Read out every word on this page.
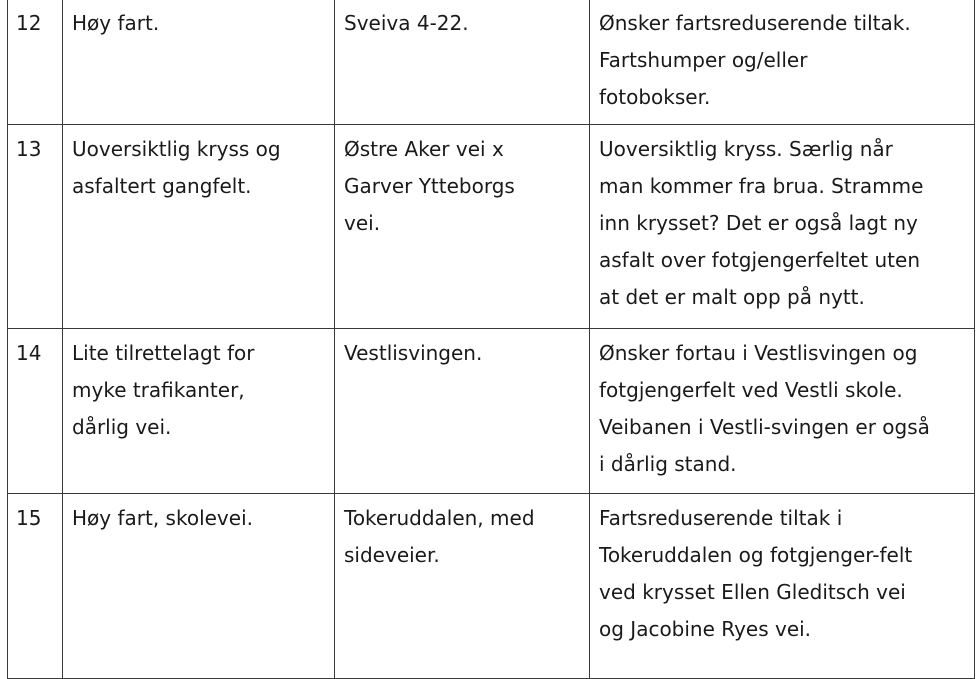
12	Høy fart.	Sveiva 4-22.	Ønsker fartsreduserende tiltak.
Fartshumper og/eller
fotobokser.
13	Uoversiktlig kryss og
asfaltert gangfelt.	Østre Aker vei x
Garver Ytteborgs
vei.	Uoversiktlig kryss. Særlig når
man kommer fra brua. Stramme
inn krysset? Det er også lagt ny
asfalt over fotgjengerfeltet uten
at det er malt opp på nytt.
14	Lite tilrettelagt for
myke trafikanter,
dårlig vei.	Vestlisvingen.	Ønsker fortau i Vestlisvingen og
fotgjengerfelt ved Vestli skole.
Veibanen i Vestli-svingen er også
i dårlig stand.
15	Høy fart, skolevei.	Tokeruddalen, med
sideveier.	Fartsreduserende tiltak i
Tokeruddalen og fotgjenger-felt
ved krysset Ellen Gleditsch vei
og Jacobine Ryes vei.
